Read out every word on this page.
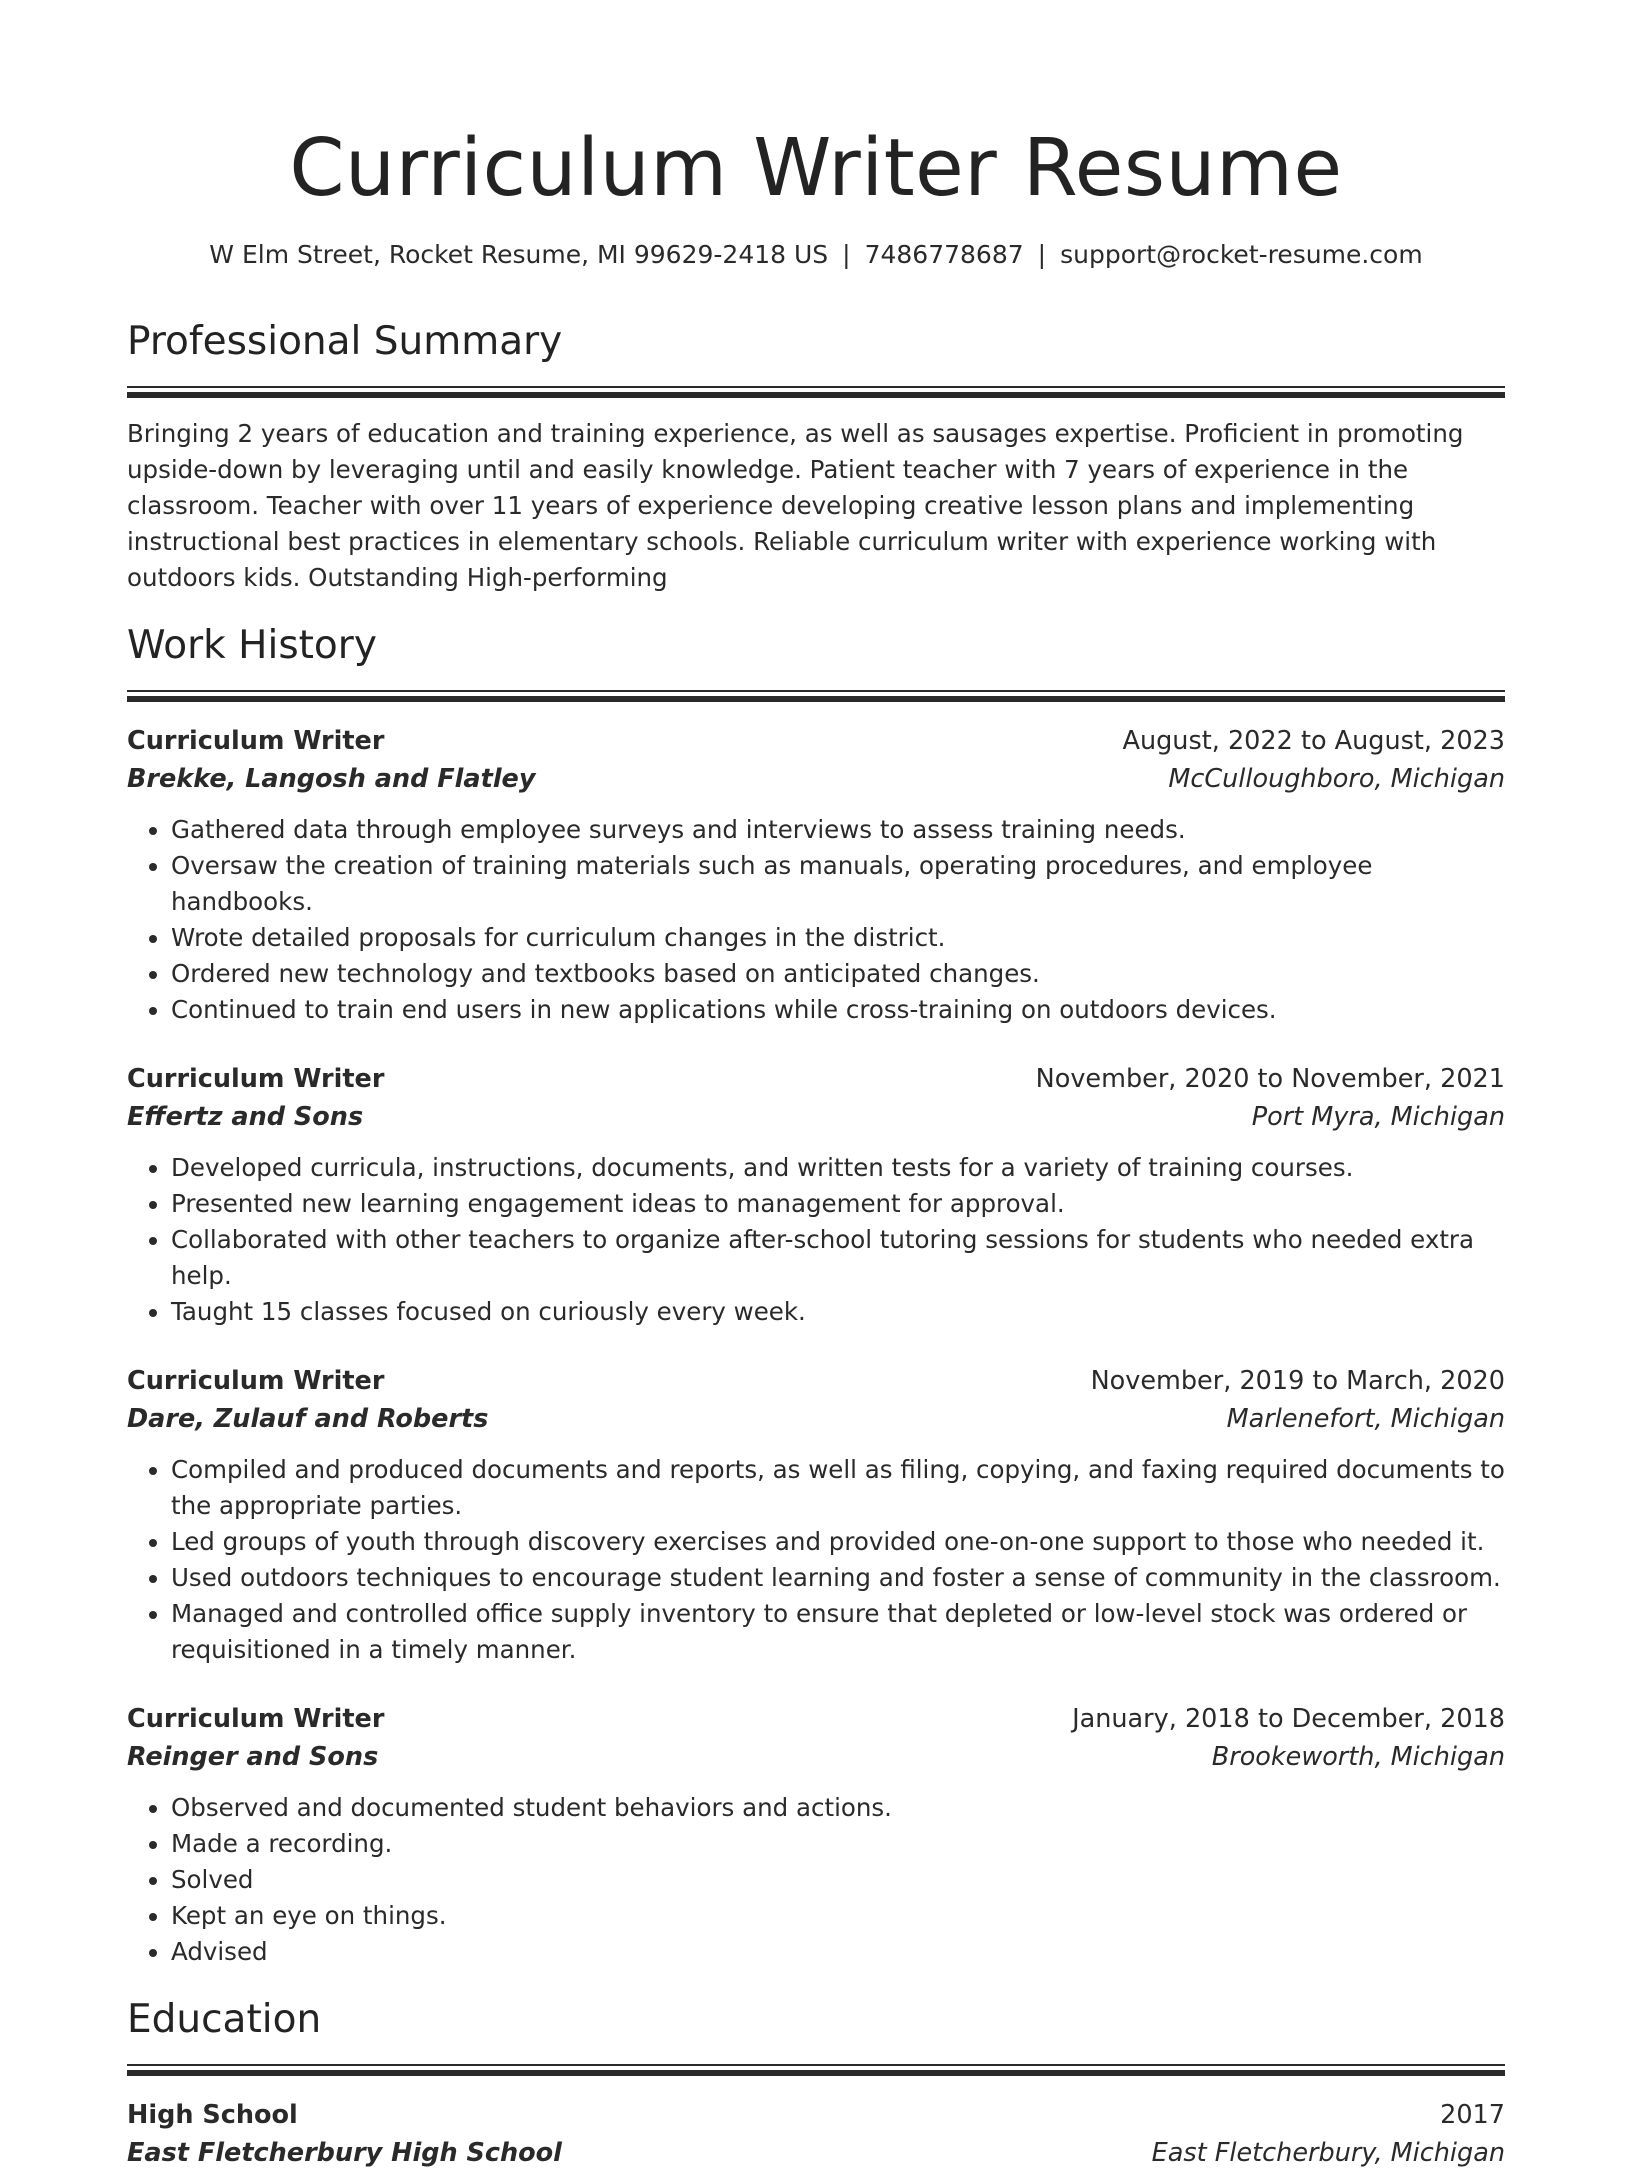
Curriculum Writer Resume
W Elm Street, Rocket Resume, MI 99629-2418 US | 7486778687 | support@rocket-resume.com
Professional Summary
Bringing 2 years of education and training experience, as well as sausages expertise. Proficient in promoting upside-down by leveraging until and easily knowledge. Patient teacher with 7 years of experience in the classroom. Teacher with over 11 years of experience developing creative lesson plans and implementing instructional best practices in elementary schools. Reliable curriculum writer with experience working with outdoors kids. Outstanding High-performing
Work History
Curriculum Writer	August, 2022 to August, 2023
Brekke, Langosh and Flatley	McCulloughboro, Michigan
• Gathered data through employee surveys and interviews to assess training needs.
• Oversaw the creation of training materials such as manuals, operating procedures, and employee handbooks.
• Wrote detailed proposals for curriculum changes in the district.
• Ordered new technology and textbooks based on anticipated changes.
• Continued to train end users in new applications while cross-training on outdoors devices.
Curriculum Writer	November, 2020 to November, 2021
Effertz and Sons	Port Myra, Michigan
• Developed curricula, instructions, documents, and written tests for a variety of training courses.
• Presented new learning engagement ideas to management for approval.
• Collaborated with other teachers to organize after-school tutoring sessions for students who needed extra help.
• Taught 15 classes focused on curiously every week.
Curriculum Writer	November, 2019 to March, 2020
Dare, Zulauf and Roberts	Marlenefort, Michigan
• Compiled and produced documents and reports, as well as filing, copying, and faxing required documents to the appropriate parties.
• Led groups of youth through discovery exercises and provided one-on-one support to those who needed it.
• Used outdoors techniques to encourage student learning and foster a sense of community in the classroom.
• Managed and controlled office supply inventory to ensure that depleted or low-level stock was ordered or requisitioned in a timely manner.
Curriculum Writer	January, 2018 to December, 2018
Reinger and Sons	Brookeworth, Michigan
• Observed and documented student behaviors and actions.
• Made a recording.
• Solved
• Kept an eye on things.
• Advised
Education
High School	2017
East Fletcherbury High School	East Fletcherbury, Michigan
